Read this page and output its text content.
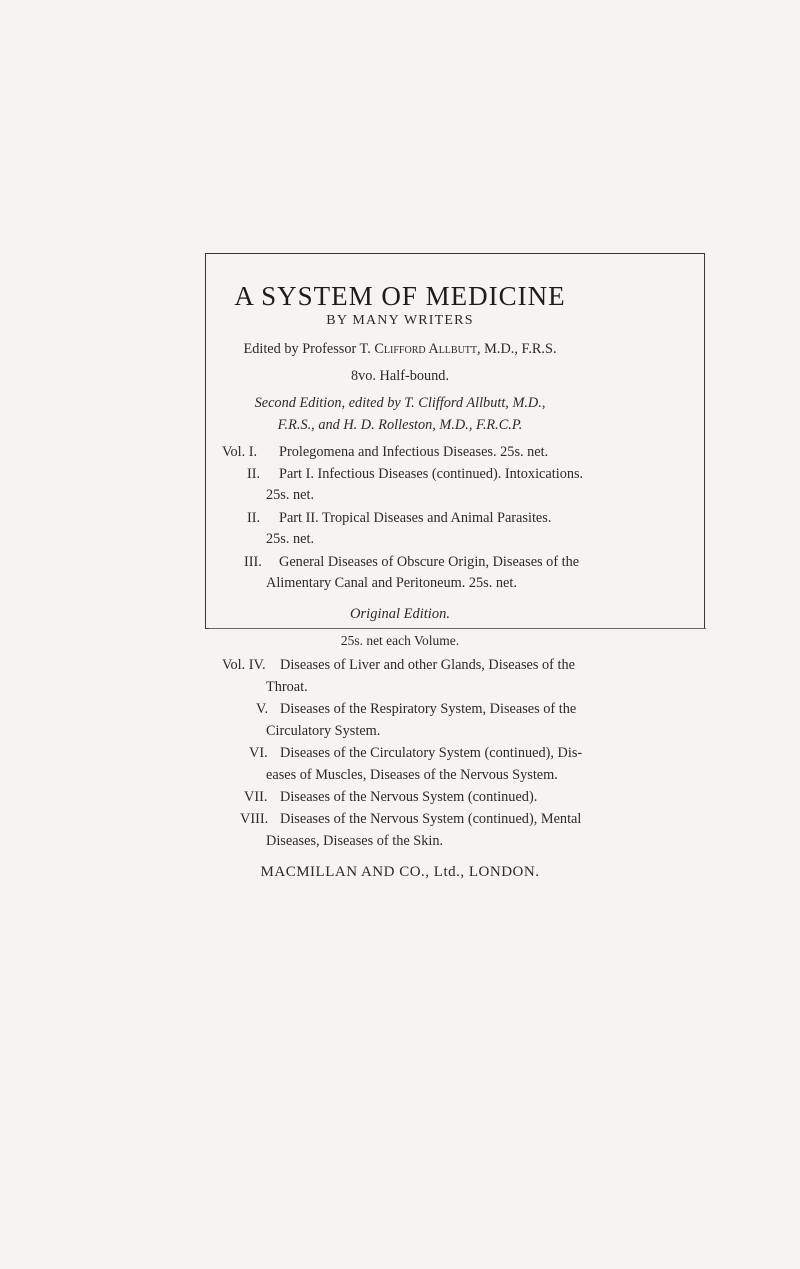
A SYSTEM OF MEDICINE
BY MANY WRITERS
Edited by Professor T. Clifford Allbutt, M.D., F.R.S.
8vo. Half-bound.
Second Edition, edited by T. Clifford Allbutt, M.D.,
F.R.S., and H. D. Rolleston, M.D., F.R.C.P.
Vol. I. Prolegomena and Infectious Diseases. 25s. net.
II. Part I. Infectious Diseases (continued). Intoxications.
25s. net.
II. Part II. Tropical Diseases and Animal Parasites.
25s. net.
III. General Diseases of Obscure Origin, Diseases of the
Alimentary Canal and Peritoneum. 25s. net.
Original Edition.
25s. net each Volume.
Vol. IV. Diseases of Liver and other Glands, Diseases of the
Throat.
V. Diseases of the Respiratory System, Diseases of the
Circulatory System.
VI. Diseases of the Circulatory System (continued), Dis-
eases of Muscles, Diseases of the Nervous System.
VII. Diseases of the Nervous System (continued).
VIII. Diseases of the Nervous System (continued), Mental
Diseases, Diseases of the Skin.
MACMILLAN AND CO., Ltd., LONDON.
